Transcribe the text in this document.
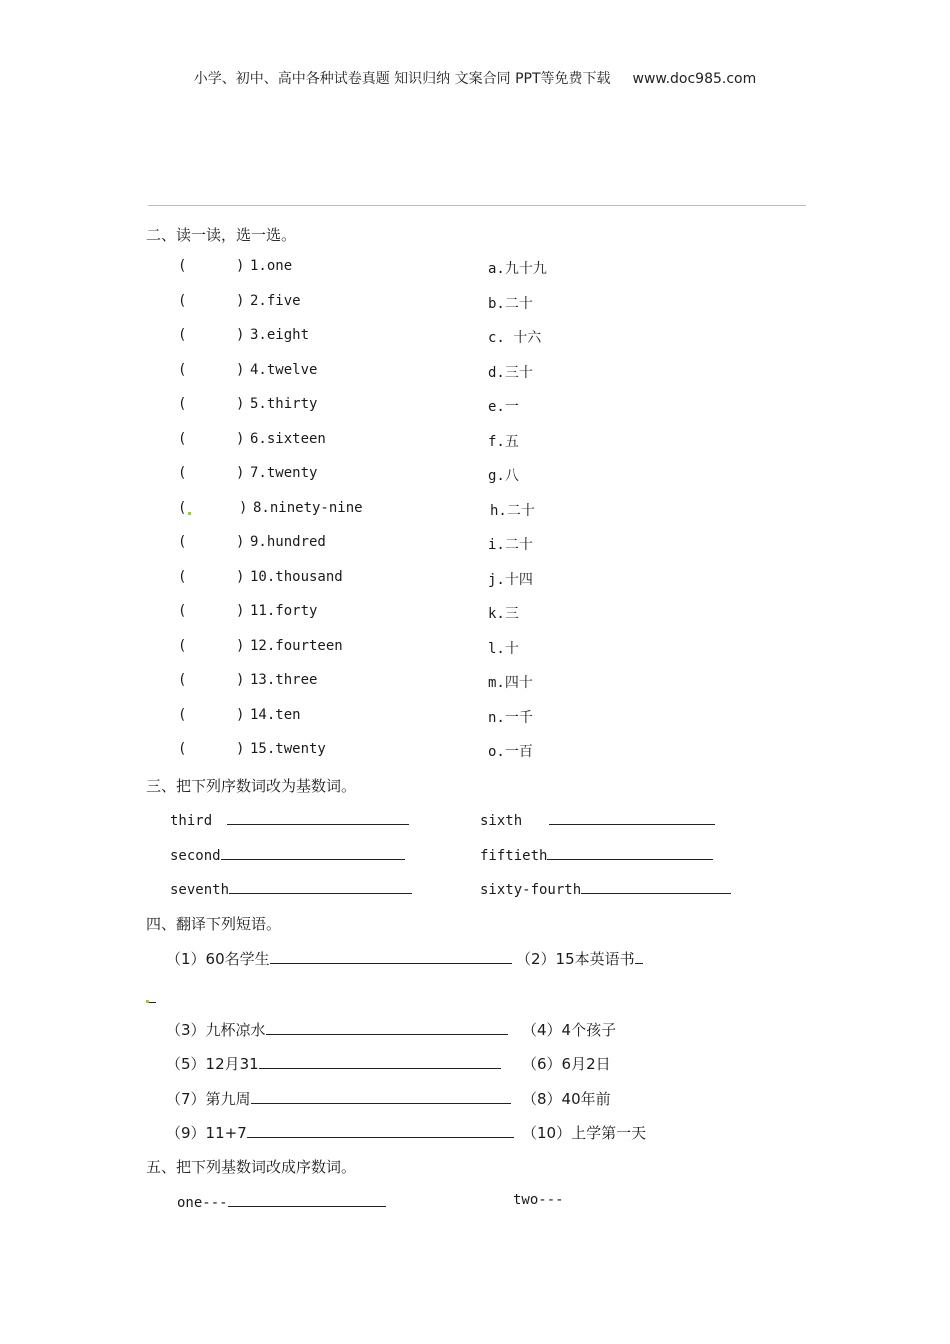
小学、初中、高中各种试卷真题 知识归纳 文案合同 PPT等免费下载 www.doc985.com
二、读一读，选一选。
(	) 1.one	a.九十九
(	) 2.five	b.二十
(	) 3.eight	c. 十六
(	) 4.twelve	d.三十
(	) 5.thirty	e.一
(	) 6.sixteen	f.五
(	) 7.twenty	g.八
(	) 8.ninety-nine	h.二十
(	) 9.hundred	i.二十
(	) 10.thousand	j.十四
(	) 11.forty	k.三
(	) 12.fourteen	l.十
(	) 13.three	m.四十
(	) 14.ten	n.一千
(	) 15.twenty	o.一百
三、把下列序数词改为基数词。
third	sixth
second	fiftieth
seventh	sixty-fourth
四、翻译下列短语。
（1）60名学生	（2）15本英语书
（3）九杯凉水	（4）4个孩子
（5）12月31	（6）6月2日
（7）第九周	（8）40年前
（9）11+7	（10）上学第一天
五、把下列基数词改成序数词。
one---	two---
